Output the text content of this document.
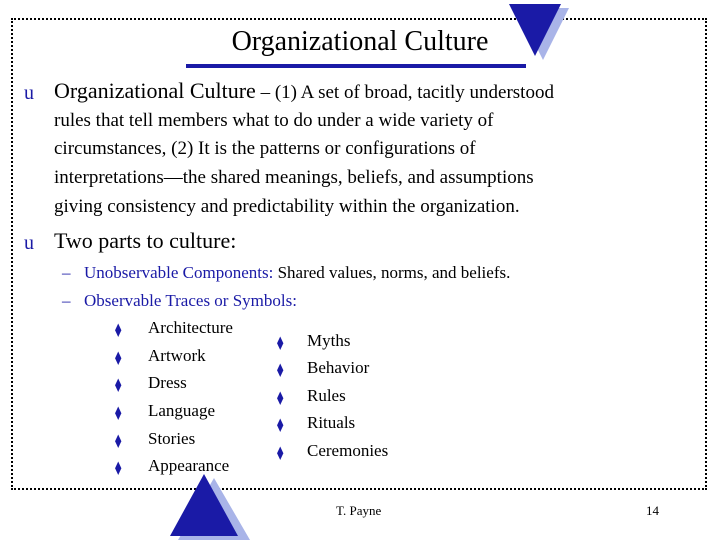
Organizational Culture
u Organizational Culture – (1) A set of broad, tacitly understood
rules that tell members what to do under a wide variety of
circumstances, (2) It is the patterns or configurations of
interpretations—the shared meanings, beliefs, and assumptions
giving consistency and predictability within the organization.
u Two parts to culture:
– Unobservable Components: Shared values, norms, and beliefs.
– Observable Traces or Symbols:
⧫ Architecture
⧫ Artwork
⧫ Dress
⧫ Language
⧫ Stories
⧫ Appearance
⧫ Myths
⧫ Behavior
⧫ Rules
⧫ Rituals
⧫ Ceremonies
T. Payne	14
